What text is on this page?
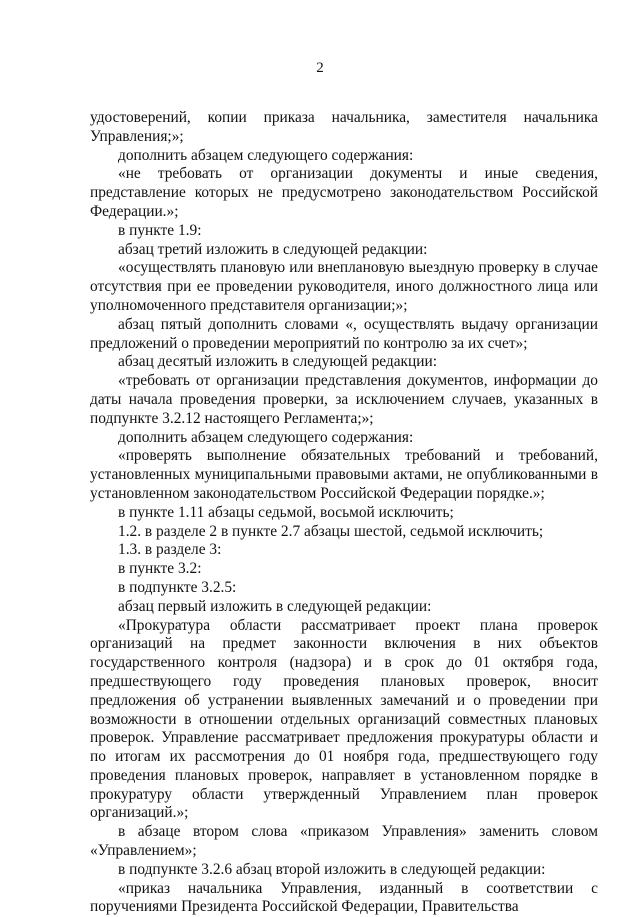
2

удостоверений, копии приказа начальника, заместителя начальника Управления;»;

дополнить абзацем следующего содержания:

«не требовать от организации документы и иные сведения, представление которых не предусмотрено законодательством Российской Федерации.»;

в пункте 1.9:

абзац третий изложить в следующей редакции:

«осуществлять плановую или внеплановую выездную проверку в случае отсутствия при ее проведении руководителя, иного должностного лица или уполномоченного представителя организации;»;

абзац пятый дополнить словами «, осуществлять выдачу организации предложений о проведении мероприятий по контролю за их счет»;

абзац десятый изложить в следующей редакции:

«требовать от организации представления документов, информации до даты начала проведения проверки, за исключением случаев, указанных в подпункте 3.2.12 настоящего Регламента;»;

дополнить абзацем следующего содержания:

«проверять выполнение обязательных требований и требований, установленных муниципальными правовыми актами, не опубликованными в установленном законодательством Российской Федерации порядке.»;

в пункте 1.11 абзацы седьмой, восьмой исключить;

1.2. в разделе 2 в пункте 2.7 абзацы шестой, седьмой исключить;

1.3. в разделе 3:

в пункте 3.2:

в подпункте 3.2.5:

абзац первый изложить в следующей редакции:

«Прокуратура области рассматривает проект плана проверок организаций на предмет законности включения в них объектов государственного контроля (надзора) и в срок до 01 октября года, предшествующего году проведения плановых проверок, вносит предложения об устранении выявленных замечаний и о проведении при возможности в отношении отдельных организаций совместных плановых проверок. Управление рассматривает предложения прокуратуры области и по итогам их рассмотрения до 01 ноября года, предшествующего году проведения плановых проверок, направляет в установленном порядке в прокуратуру области утвержденный Управлением план проверок организаций.»;

в абзаце втором слова «приказом Управления» заменить словом «Управлением»;

в подпункте 3.2.6 абзац второй изложить в следующей редакции:

«приказ начальника Управления, изданный в соответствии с поручениями Президента Российской Федерации, Правительства
